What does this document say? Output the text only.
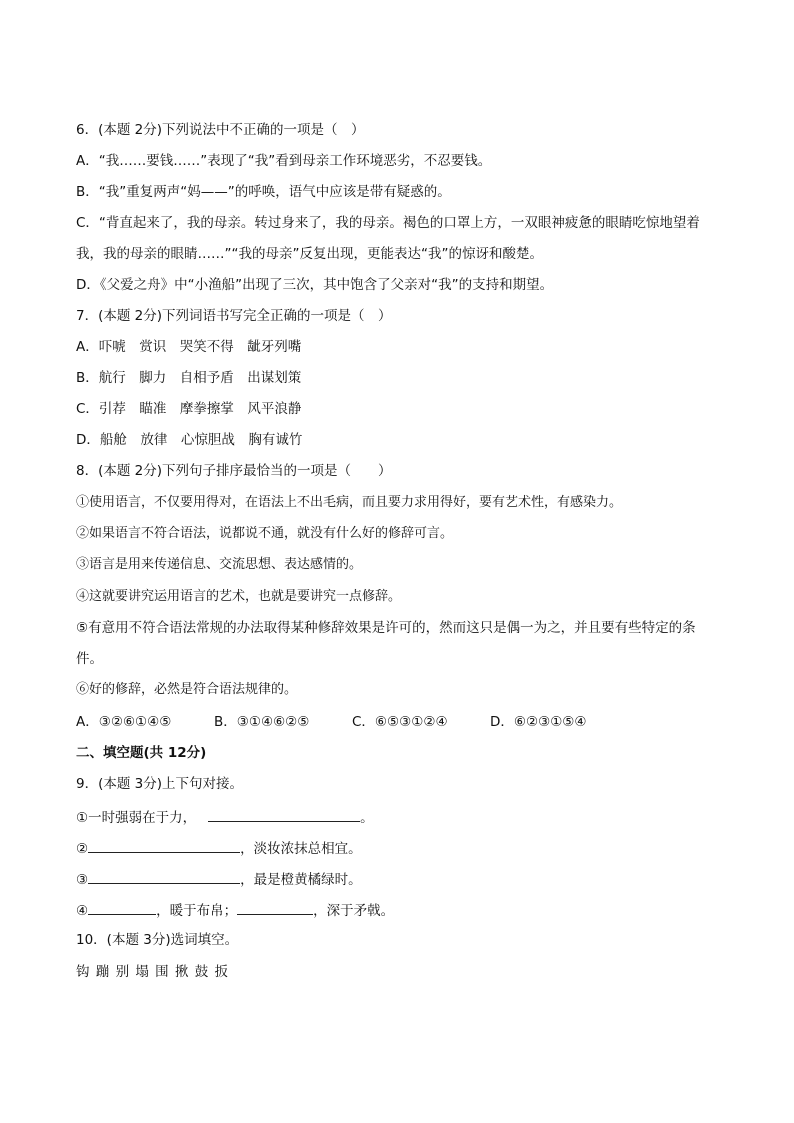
6．(本题 2分)下列说法中不正确的一项是（　）
A．“我……要钱……”表现了“我”看到母亲工作环境恶劣，不忍要钱。
B．“我”重复两声“妈——”的呼唤，语气中应该是带有疑惑的。
C．“背直起来了，我的母亲。转过身来了，我的母亲。褐色的口罩上方，一双眼神疲惫的眼睛吃惊地望着
我，我的母亲的眼睛……”“我的母亲”反复出现，更能表达“我”的惊讶和酸楚。
D．《父爱之舟》中“小渔船”出现了三次，其中饱含了父亲对“我”的支持和期望。
7．(本题 2分)下列词语书写完全正确的一项是（　）
A．吓唬　赏识　哭笑不得　龇牙列嘴
B．航行　脚力　自相予盾　出谋划策
C．引荐　瞄准　摩拳擦掌　风平浪静
D．船舱　放律　心惊胆战　胸有诚竹
8．(本题 2分)下列句子排序最恰当的一项是（　　）
①使用语言，不仅要用得对，在语法上不出毛病，而且要力求用得好，要有艺术性，有感染力。
②如果语言不符合语法，说都说不通，就没有什么好的修辞可言。
③语言是用来传递信息、交流思想、表达感情的。
④这就要讲究运用语言的艺术，也就是要讲究一点修辞。
⑤有意用不符合语法常规的办法取得某种修辞效果是许可的，然而这只是偶一为之，并且要有些特定的条
件。
⑥好的修辞，必然是符合语法规律的。
A．③②⑥①④⑤	B．③①④⑥②⑤	C．⑥⑤③①②④	D．⑥②③①⑤④
二、填空题(共 12分)
9．(本题 3分)上下句对接。
①一时强弱在于力，	。
②	，淡妆浓抹总相宜。
③	，最是橙黄橘绿时。
④	，暖于布帛；	，深于矛戟。
10．(本题 3分)选词填空。
钩 蹦 别 塌 围 揪 鼓 扳
